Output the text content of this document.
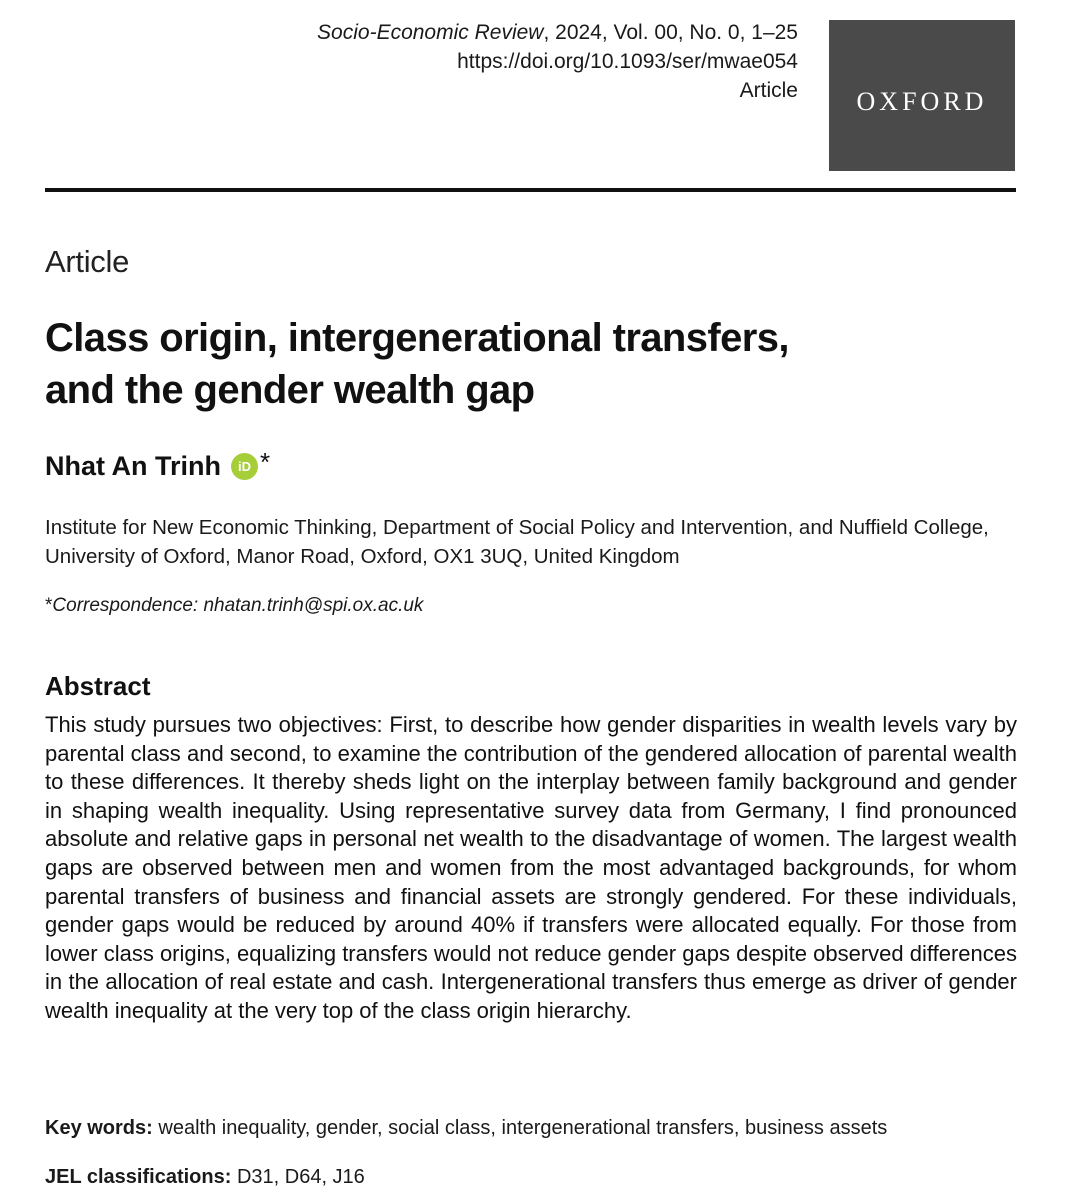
Socio-Economic Review, 2024, Vol. 00, No. 0, 1–25
https://doi.org/10.1093/ser/mwae054
Article OXFORD
Article
Class origin, intergenerational transfers,
and the gender wealth gap
Nhat An Trinh iD *
Institute for New Economic Thinking, Department of Social Policy and Intervention, and Nuffield College, University of Oxford, Manor Road, Oxford, OX1 3UQ, United Kingdom
*Correspondence: nhatan.trinh@spi.ox.ac.uk
Abstract
This study pursues two objectives: First, to describe how gender disparities in wealth levels vary by parental class and second, to examine the contribution of the gendered allocation of parental wealth to these differences. It thereby sheds light on the interplay between family background and gender in shaping wealth inequality. Using representative survey data from Germany, I find pronounced absolute and relative gaps in personal net wealth to the disadvantage of women. The largest wealth gaps are observed between men and women from the most advantaged backgrounds, for whom parental transfers of business and financial assets are strongly gendered. For these individuals, gender gaps would be reduced by around 40% if transfers were allocated equally. For those from lower class origins, equalizing transfers would not reduce gender gaps despite observed differences in the allocation of real estate and cash. Intergenerational transfers thus emerge as driver of gender wealth inequality at the very top of the class origin hierarchy.
Key words: wealth inequality, gender, social class, intergenerational transfers, business assets
JEL classifications: D31, D64, J16
